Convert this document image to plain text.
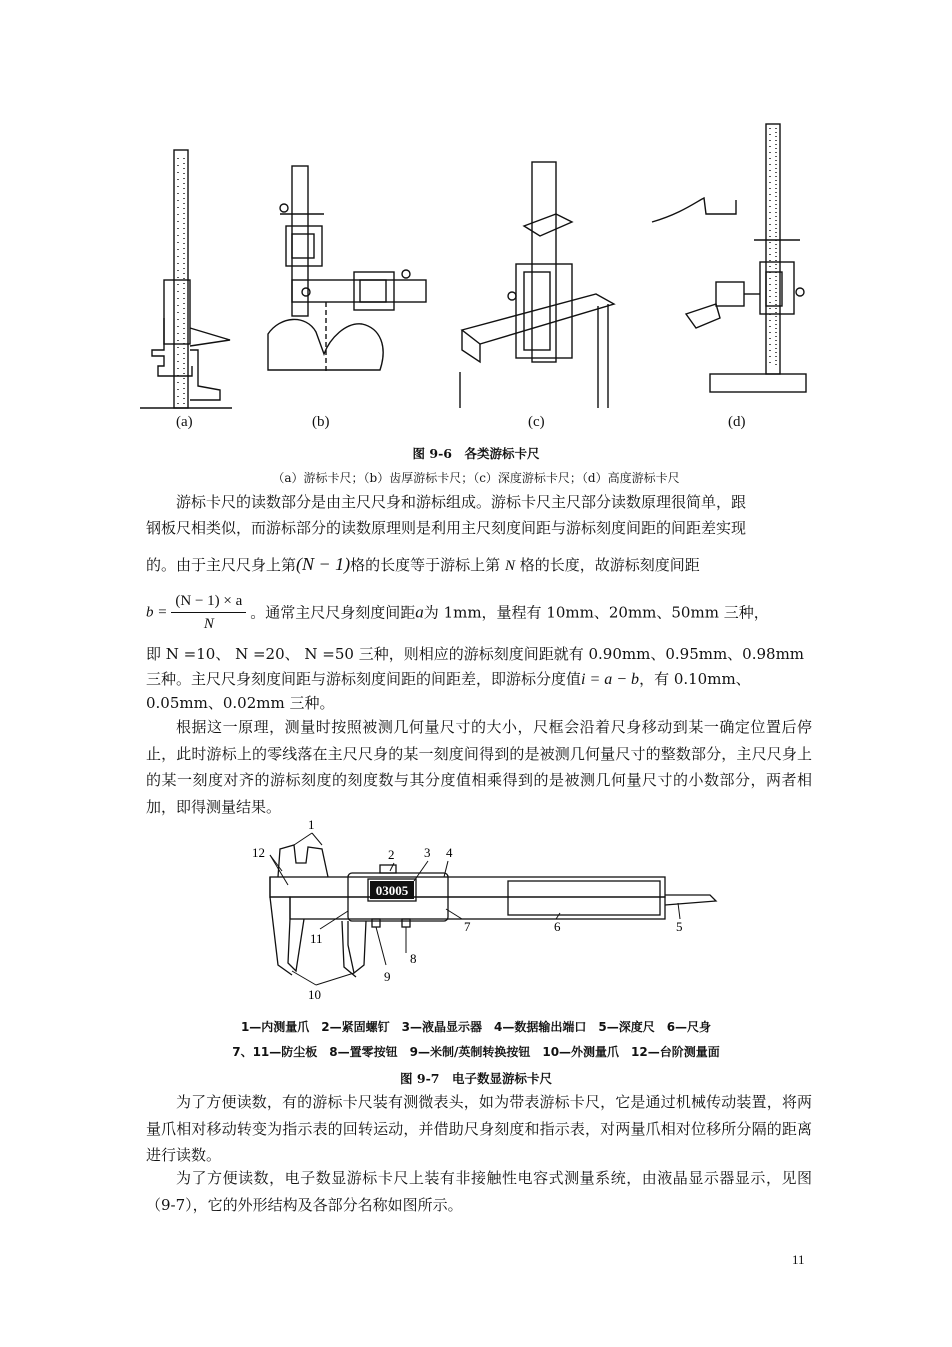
(a)	(b)	(c)	(d)
图 9-6　各类游标卡尺
（a）游标卡尺；（b）齿厚游标卡尺；（c）深度游标卡尺；（d）高度游标卡尺
游标卡尺的读数部分是由主尺尺身和游标组成。游标卡尺主尺部分读数原理很简单，跟
钢板尺相类似，而游标部分的读数原理则是利用主尺刻度间距与游标刻度间距的间距差实现
的。由于主尺尺身上第(N − 1)格的长度等于游标上第 N 格的长度，故游标刻度间距
$b = \frac{(N - 1) \times a}{N}$ 。通常主尺尺身刻度间距a为 1mm，量程有 10mm、20mm、50mm 三种，
即 N =10、 N =20、 N =50 三种，则相应的游标刻度间距就有 0.90mm、0.95mm、0.98mm
三种。主尺尺身刻度间距与游标刻度间距的间距差，即游标分度值i = a − b，有 0.10mm、
0.05mm、0.02mm 三种。
根据这一原理，测量时按照被测几何量尺寸的大小，尺框会沿着尺身移动到某一确定位置后停止，此时游标上的零线落在主尺尺身的某一刻度间得到的是被测几何量尺寸的整数部分，主尺尺身上的某一刻度对齐的游标刻度的刻度数与其分度值相乘得到的是被测几何量尺寸的小数部分，两者相加，即得测量结果。
03005
12
1
2 3 4
7	6	5
8
9
11
10
1—内测量爪　2—紧固螺钉　3—液晶显示器　4—数据输出端口　5—深度尺　6—尺身
7、11—防尘板　8—置零按钮　9—米制/英制转换按钮　10—外测量爪　12—台阶测量面
图 9-7　电子数显游标卡尺
为了方便读数，有的游标卡尺装有测微表头，如为带表游标卡尺，它是通过机械传动装置，将两量爪相对移动转变为指示表的回转运动，并借助尺身刻度和指示表，对两量爪相对位移所分隔的距离进行读数。
为了方便读数，电子数显游标卡尺上装有非接触性电容式测量系统，由液晶显示器显示，见图（9-7），它的外形结构及各部分名称如图所示。
11
